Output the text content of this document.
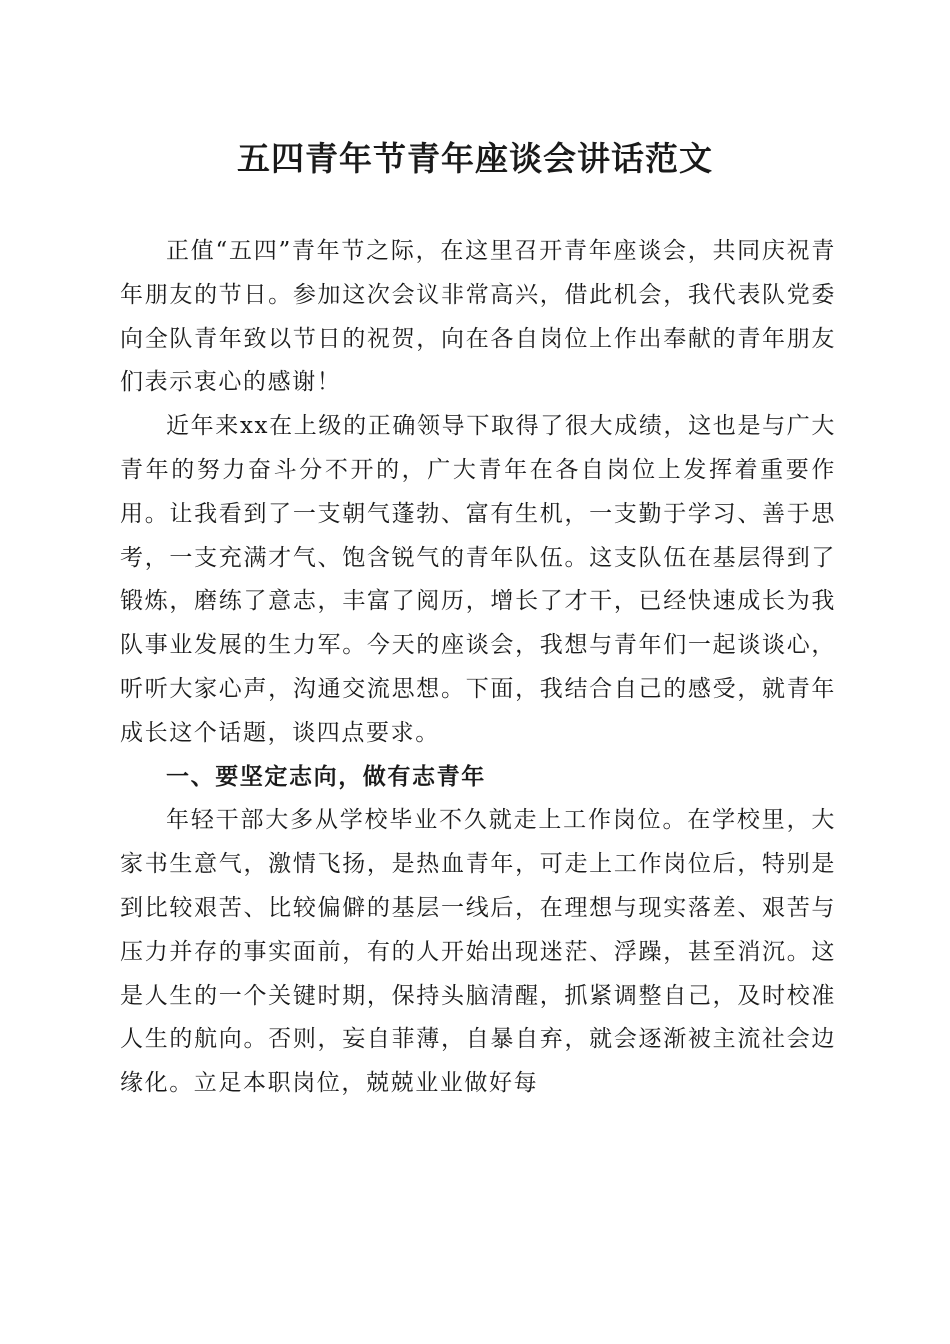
五四青年节青年座谈会讲话范文

正值“五四”青年节之际，在这里召开青年座谈会，共同庆祝青年朋友的节日。参加这次会议非常高兴，借此机会，我代表队党委向全队青年致以节日的祝贺，向在各自岗位上作出奉献的青年朋友们表示衷心的感谢！

近年来xx在上级的正确领导下取得了很大成绩，这也是与广大青年的努力奋斗分不开的，广大青年在各自岗位上发挥着重要作用。让我看到了一支朝气蓬勃、富有生机，一支勤于学习、善于思考，一支充满才气、饱含锐气的青年队伍。这支队伍在基层得到了锻炼，磨练了意志，丰富了阅历，增长了才干，已经快速成长为我队事业发展的生力军。今天的座谈会，我想与青年们一起谈谈心，听听大家心声，沟通交流思想。下面，我结合自己的感受，就青年成长这个话题，谈四点要求。

一、要坚定志向，做有志青年

年轻干部大多从学校毕业不久就走上工作岗位。在学校里，大家书生意气，激情飞扬，是热血青年，可走上工作岗位后，特别是到比较艰苦、比较偏僻的基层一线后，在理想与现实落差、艰苦与压力并存的事实面前，有的人开始出现迷茫、浮躁，甚至消沉。这是人生的一个关键时期，保持头脑清醒，抓紧调整自己，及时校准人生的航向。否则，妄自菲薄，自暴自弃，就会逐渐被主流社会边缘化。立足本职岗位，兢兢业业做好每
